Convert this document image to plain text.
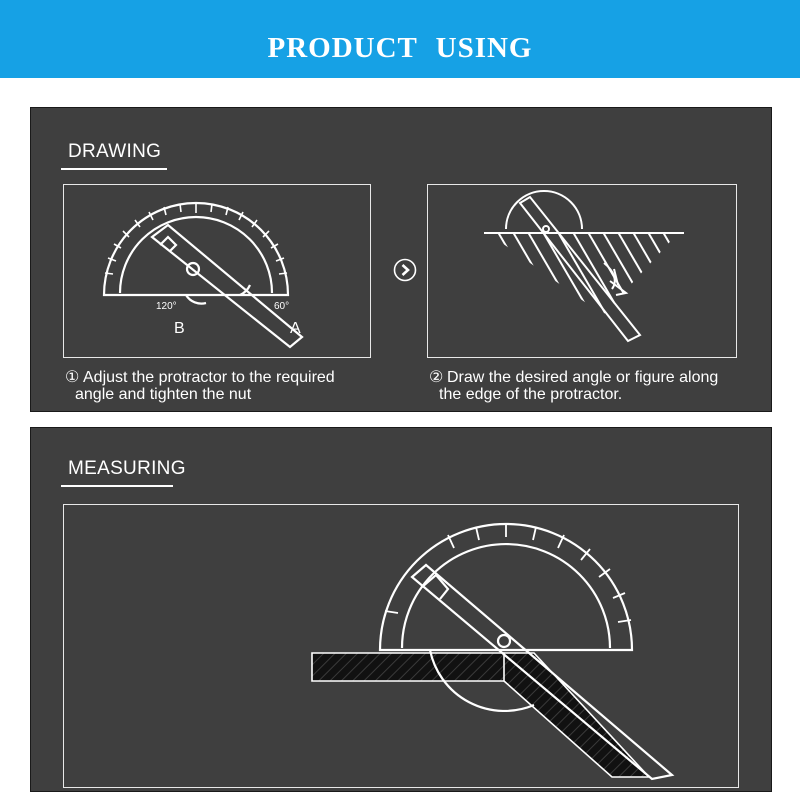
PRODUCT USING
DRAWING
120°	60°
B	A
① Adjust the protractor to the required
angle and tighten the nut
② Draw the desired angle or figure along
the edge of the protractor.
MEASURING
